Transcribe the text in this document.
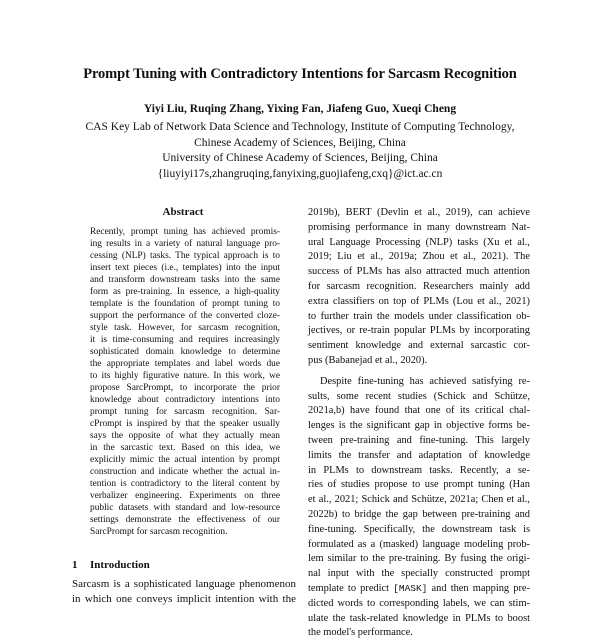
Prompt Tuning with Contradictory Intentions for Sarcasm Recognition
Yiyi Liu, Ruqing Zhang, Yixing Fan, Jiafeng Guo, Xueqi Cheng
CAS Key Lab of Network Data Science and Technology, Institute of Computing Technology,
Chinese Academy of Sciences, Beijing, China
University of Chinese Academy of Sciences, Beijing, China
{liuyiyi17s,zhangruqing,fanyixing,guojiafeng,cxq}@ict.ac.cn
Abstract
Recently, prompt tuning has achieved promis-
ing results in a variety of natural language pro-
cessing (NLP) tasks. The typical approach is to
insert text pieces (i.e., templates) into the input
and transform downstream tasks into the same
form as pre-training. In essence, a high-quality
template is the foundation of prompt tuning to
support the performance of the converted cloze-
style task. However, for sarcasm recognition,
it is time-consuming and requires increasingly
sophisticated domain knowledge to determine
the appropriate templates and label words due
to its highly figurative nature. In this work, we
propose SarcPrompt, to incorporate the prior
knowledge about contradictory intentions into
prompt tuning for sarcasm recognition. Sar-
cPrompt is inspired by that the speaker usually
says the opposite of what they actually mean
in the sarcastic text. Based on this idea, we
explicitly mimic the actual intention by prompt
construction and indicate whether the actual in-
tention is contradictory to the literal content by
verbalizer engineering. Experiments on three
public datasets with standard and low-resource
settings demonstrate the effectiveness of our
SarcPrompt for sarcasm recognition.
1 Introduction
Sarcasm is a sophisticated language phenomenon
in which one conveys implicit intention with the
2019b), BERT (Devlin et al., 2019), can achieve
promising performance in many downstream Nat-
ural Language Processing (NLP) tasks (Xu et al.,
2019; Liu et al., 2019a; Zhou et al., 2021). The
success of PLMs has also attracted much attention
for sarcasm recognition. Researchers mainly add
extra classifiers on top of PLMs (Lou et al., 2021)
to further train the models under classification ob-
jectives, or re-train popular PLMs by incorporating
sentiment knowledge and external sarcastic cor-
pus (Babanejad et al., 2020).
Despite fine-tuning has achieved satisfying re-
sults, some recent studies (Schick and Schütze,
2021a,b) have found that one of its critical chal-
lenges is the significant gap in objective forms be-
tween pre-training and fine-tuning. This largely
limits the transfer and adaptation of knowledge
in PLMs to downstream tasks. Recently, a se-
ries of studies propose to use prompt tuning (Han
et al., 2021; Schick and Schütze, 2021a; Chen et al.,
2022b) to bridge the gap between pre-training and
fine-tuning. Specifically, the downstream task is
formulated as a (masked) language modeling prob-
lem similar to the pre-training. By fusing the origi-
nal input with the specially constructed prompt
template to predict [MASK] and then mapping pre-
dicted words to corresponding labels, we can stim-
ulate the task-related knowledge in PLMs to boost
the model's performance.
